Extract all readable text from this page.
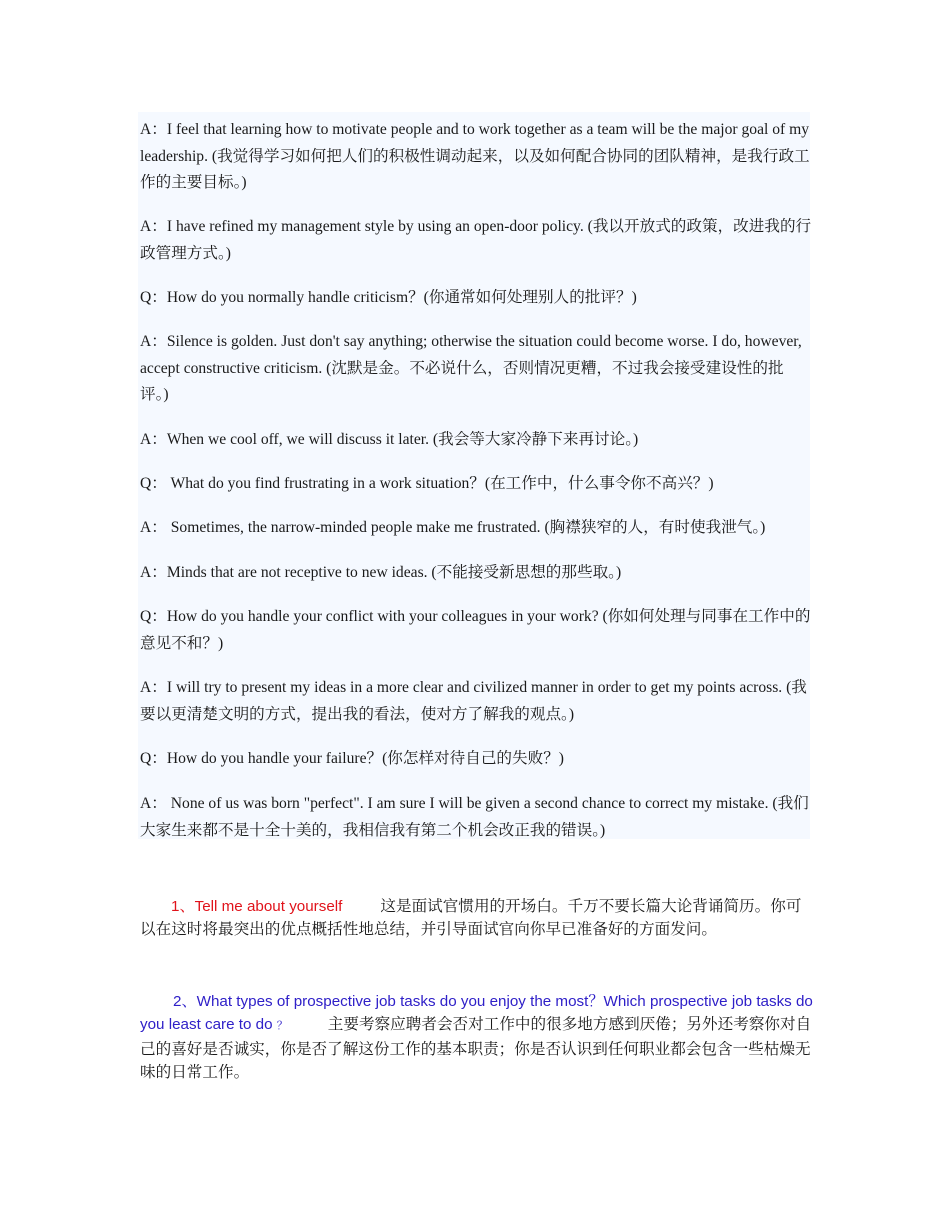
A：I feel that learning how to motivate people and to work together as a team will be the major goal of my leadership. (我觉得学习如何把人们的积极性调动起来，以及如何配合协同的团队精神，是我行政工作的主要目标。)

A：I have refined my management style by using an open-door policy. (我以开放式的政策，改进我的行政管理方式。)

Q：How do you normally handle criticism？(你通常如何处理别人的批评？)

A：Silence is golden. Just don't say anything; otherwise the situation could become worse. I do, however, accept constructive criticism. (沈默是金。不必说什么，否则情况更糟，不过我会接受建设性的批评。)

A：When we cool off, we will discuss it later. (我会等大家冷静下来再讨论。)

Q： What do you find frustrating in a work situation？(在工作中，什么事令你不高兴？)

A： Sometimes, the narrow-minded people make me frustrated. (胸襟狭窄的人，有时使我泄气。)

A：Minds that are not receptive to new ideas. (不能接受新思想的那些取。)

Q：How do you handle your conflict with your colleagues in your work? (你如何处理与同事在工作中的意见不和？)

A：I will try to present my ideas in a more clear and civilized manner in order to get my points across. (我要以更清楚文明的方式，提出我的看法，使对方了解我的观点。)

Q：How do you handle your failure？(你怎样对待自己的失败？)

A： None of us was born "perfect". I am sure I will be given a second chance to correct my mistake. (我们大家生来都不是十全十美的，我相信我有第二个机会改正我的错误。)

1、Tell me about yourself 这是面试官惯用的开场白。千万不要长篇大论背诵简历。你可以在这时将最突出的优点概括性地总结，并引导面试官向你早已准备好的方面发问。

2、What types of prospective job tasks do you enjoy the most？Which prospective job tasks do you least care to do ？	主要考察应聘者会否对工作中的很多地方感到厌倦；另外还考察你对自己的喜好是否诚实，你是否了解这份工作的基本职责；你是否认识到任何职业都会包含一些枯燥无味的日常工作。
